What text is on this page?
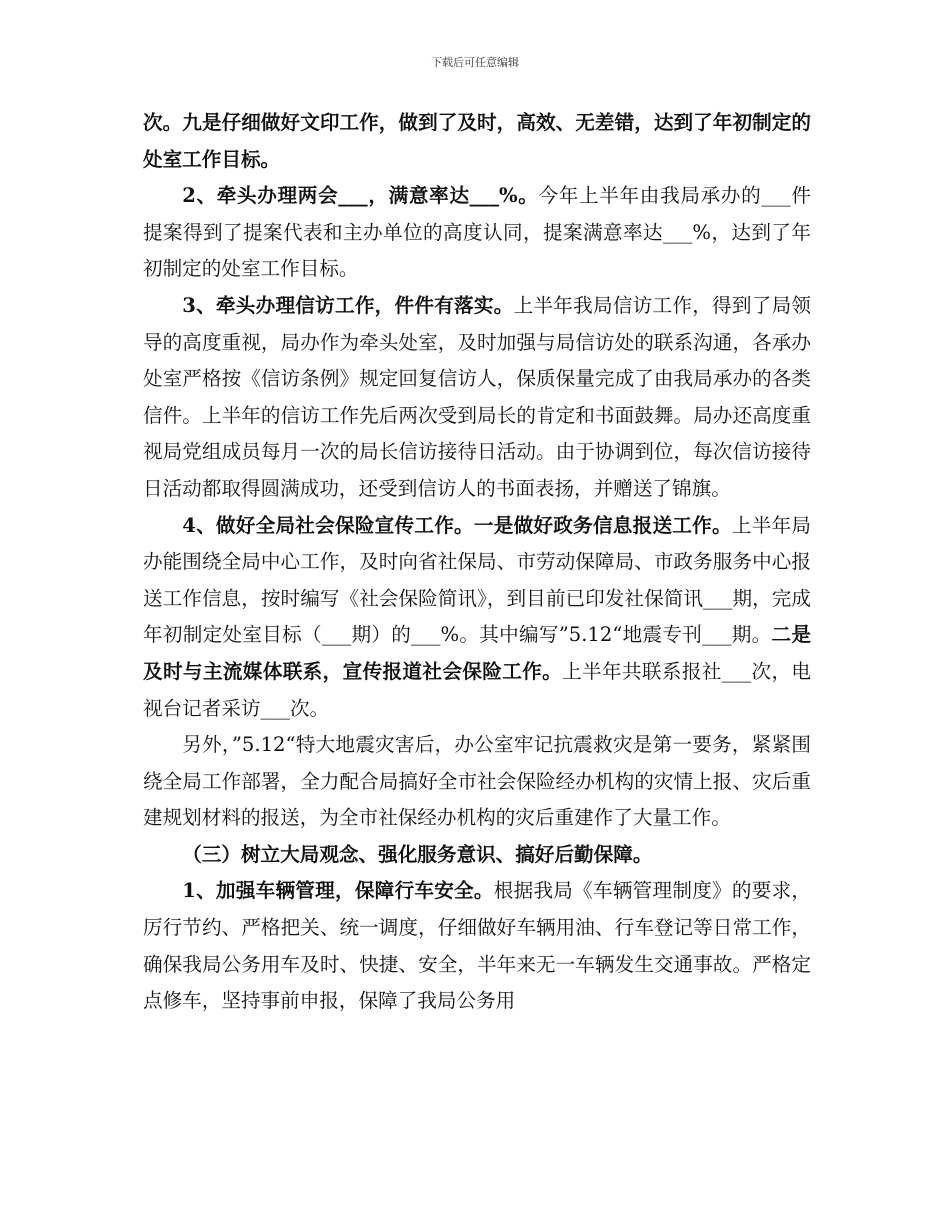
下载后可任意编辑

次。九是仔细做好文印工作，做到了及时，高效、无差错，达到了年初制定的处室工作目标。

2、牵头办理两会___，满意率达___%。今年上半年由我局承办的___件提案得到了提案代表和主办单位的高度认同，提案满意率达___%，达到了年初制定的处室工作目标。

3、牵头办理信访工作，件件有落实。上半年我局信访工作，得到了局领导的高度重视，局办作为牵头处室，及时加强与局信访处的联系沟通，各承办处室严格按《信访条例》规定回复信访人，保质保量完成了由我局承办的各类信件。上半年的信访工作先后两次受到局长的肯定和书面鼓舞。局办还高度重视局党组成员每月一次的局长信访接待日活动。由于协调到位，每次信访接待日活动都取得圆满成功，还受到信访人的书面表扬，并赠送了锦旗。

4、做好全局社会保险宣传工作。一是做好政务信息报送工作。上半年局办能围绕全局中心工作，及时向省社保局、市劳动保障局、市政务服务中心报送工作信息，按时编写《社会保险简讯》，到目前已印发社保简讯___期，完成年初制定处室目标（___期）的___%。其中编写”5.12“地震专刊___期。二是及时与主流媒体联系，宣传报道社会保险工作。上半年共联系报社___次，电视台记者采访___次。

另外，”5.12“特大地震灾害后，办公室牢记抗震救灾是第一要务，紧紧围绕全局工作部署，全力配合局搞好全市社会保险经办机构的灾情上报、灾后重建规划材料的报送，为全市社保经办机构的灾后重建作了大量工作。

（三）树立大局观念、强化服务意识、搞好后勤保障。

1、加强车辆管理，保障行车安全。根据我局《车辆管理制度》的要求，厉行节约、严格把关、统一调度，仔细做好车辆用油、行车登记等日常工作，确保我局公务用车及时、快捷、安全，半年来无一车辆发生交通事故。严格定点修车，坚持事前申报，保障了我局公务用
